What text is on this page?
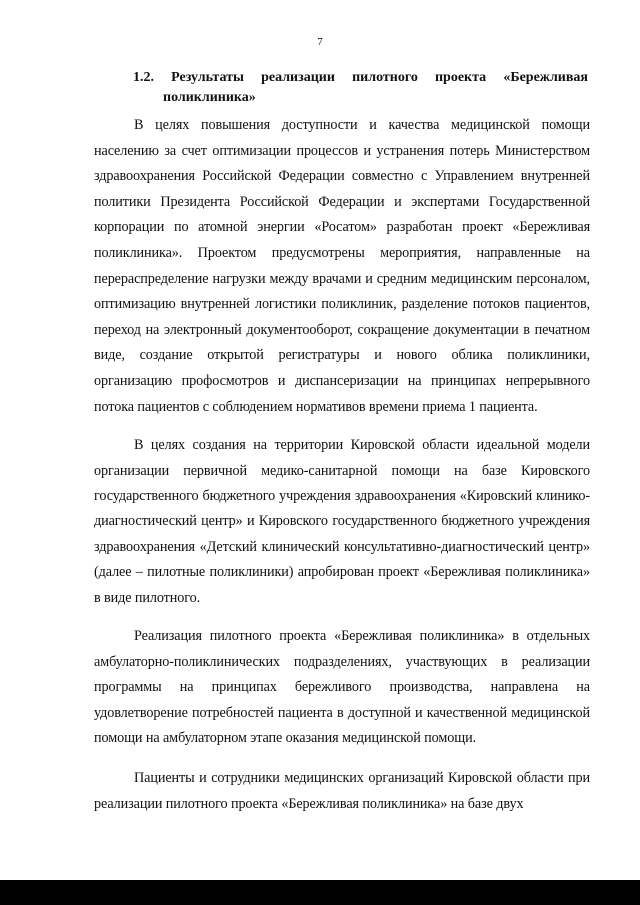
7
1.2. Результаты реализации пилотного проекта «Бережливая
поликлиника»

В целях повышения доступности и качества медицинской помощи населению за счет оптимизации процессов и устранения потерь Министерством здравоохранения Российской Федерации совместно с Управлением внутренней политики Президента Российской Федерации и экспертами Государственной корпорации по атомной энергии «Росатом» разработан проект «Бережливая поликлиника». Проектом предусмотрены мероприятия, направленные на перераспределение нагрузки между врачами и средним медицинским персоналом, оптимизацию внутренней логистики поликлиник, разделение потоков пациентов, переход на электронный документооборот, сокращение документации в печатном виде, создание открытой регистратуры и нового облика поликлиники, организацию профосмотров и диспансеризации на принципах непрерывного потока пациентов с соблюдением нормативов времени приема 1 пациента.

В целях создания на территории Кировской области идеальной модели организации первичной медико-санитарной помощи на базе Кировского государственного бюджетного учреждения здравоохранения «Кировский клинико-диагностический центр» и Кировского государственного бюджетного учреждения здравоохранения «Детский клинический консультативно-диагностический центр» (далее – пилотные поликлиники) апробирован проект «Бережливая поликлиника» в виде пилотного.

Реализация пилотного проекта «Бережливая поликлиника» в отдельных амбулаторно-поликлинических подразделениях, участвующих в реализации программы на принципах бережливого производства, направлена на удовлетворение потребностей пациента в доступной и качественной медицинской помощи на амбулаторном этапе оказания медицинской помощи.

Пациенты и сотрудники медицинских организаций Кировской области при реализации пилотного проекта «Бережливая поликлиника» на базе двух
